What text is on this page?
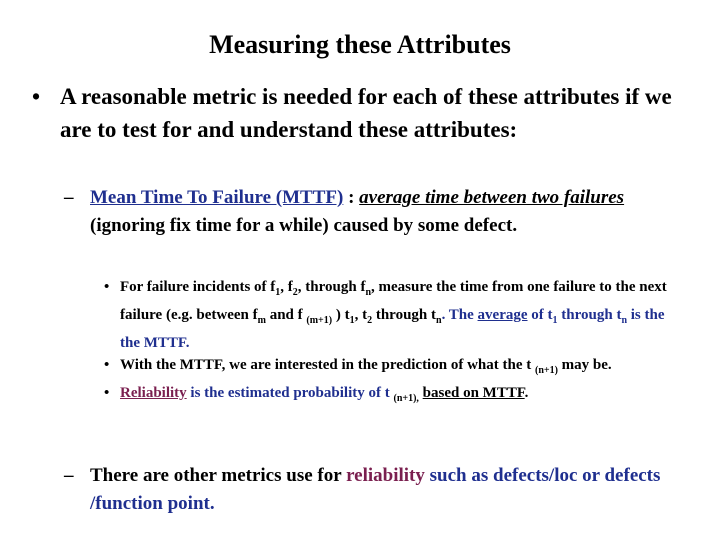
Measuring these Attributes
• A reasonable metric is needed for each of these attributes if we are to test for and understand these attributes:
– Mean Time To Failure (MTTF) : average time between two failures (ignoring fix time for a while) caused by some defect.
• For failure incidents of $f_1$, $f_2$, through $f_n$, measure the time from one failure to the next failure (e.g. between $f_m$ and f $_{(m+1)}$ ) $t_1$, $t_2$ through $t_n$. The average of $t_1$ through $t_n$ is the the MTTF.
• With the MTTF, we are interested in the prediction of what the t $_{(n+1)}$ may be.
• Reliability is the estimated probability of t $_{(n+1),}$ based on MTTF.
– There are other metrics use for reliability such as defects/loc or defects /function point.
